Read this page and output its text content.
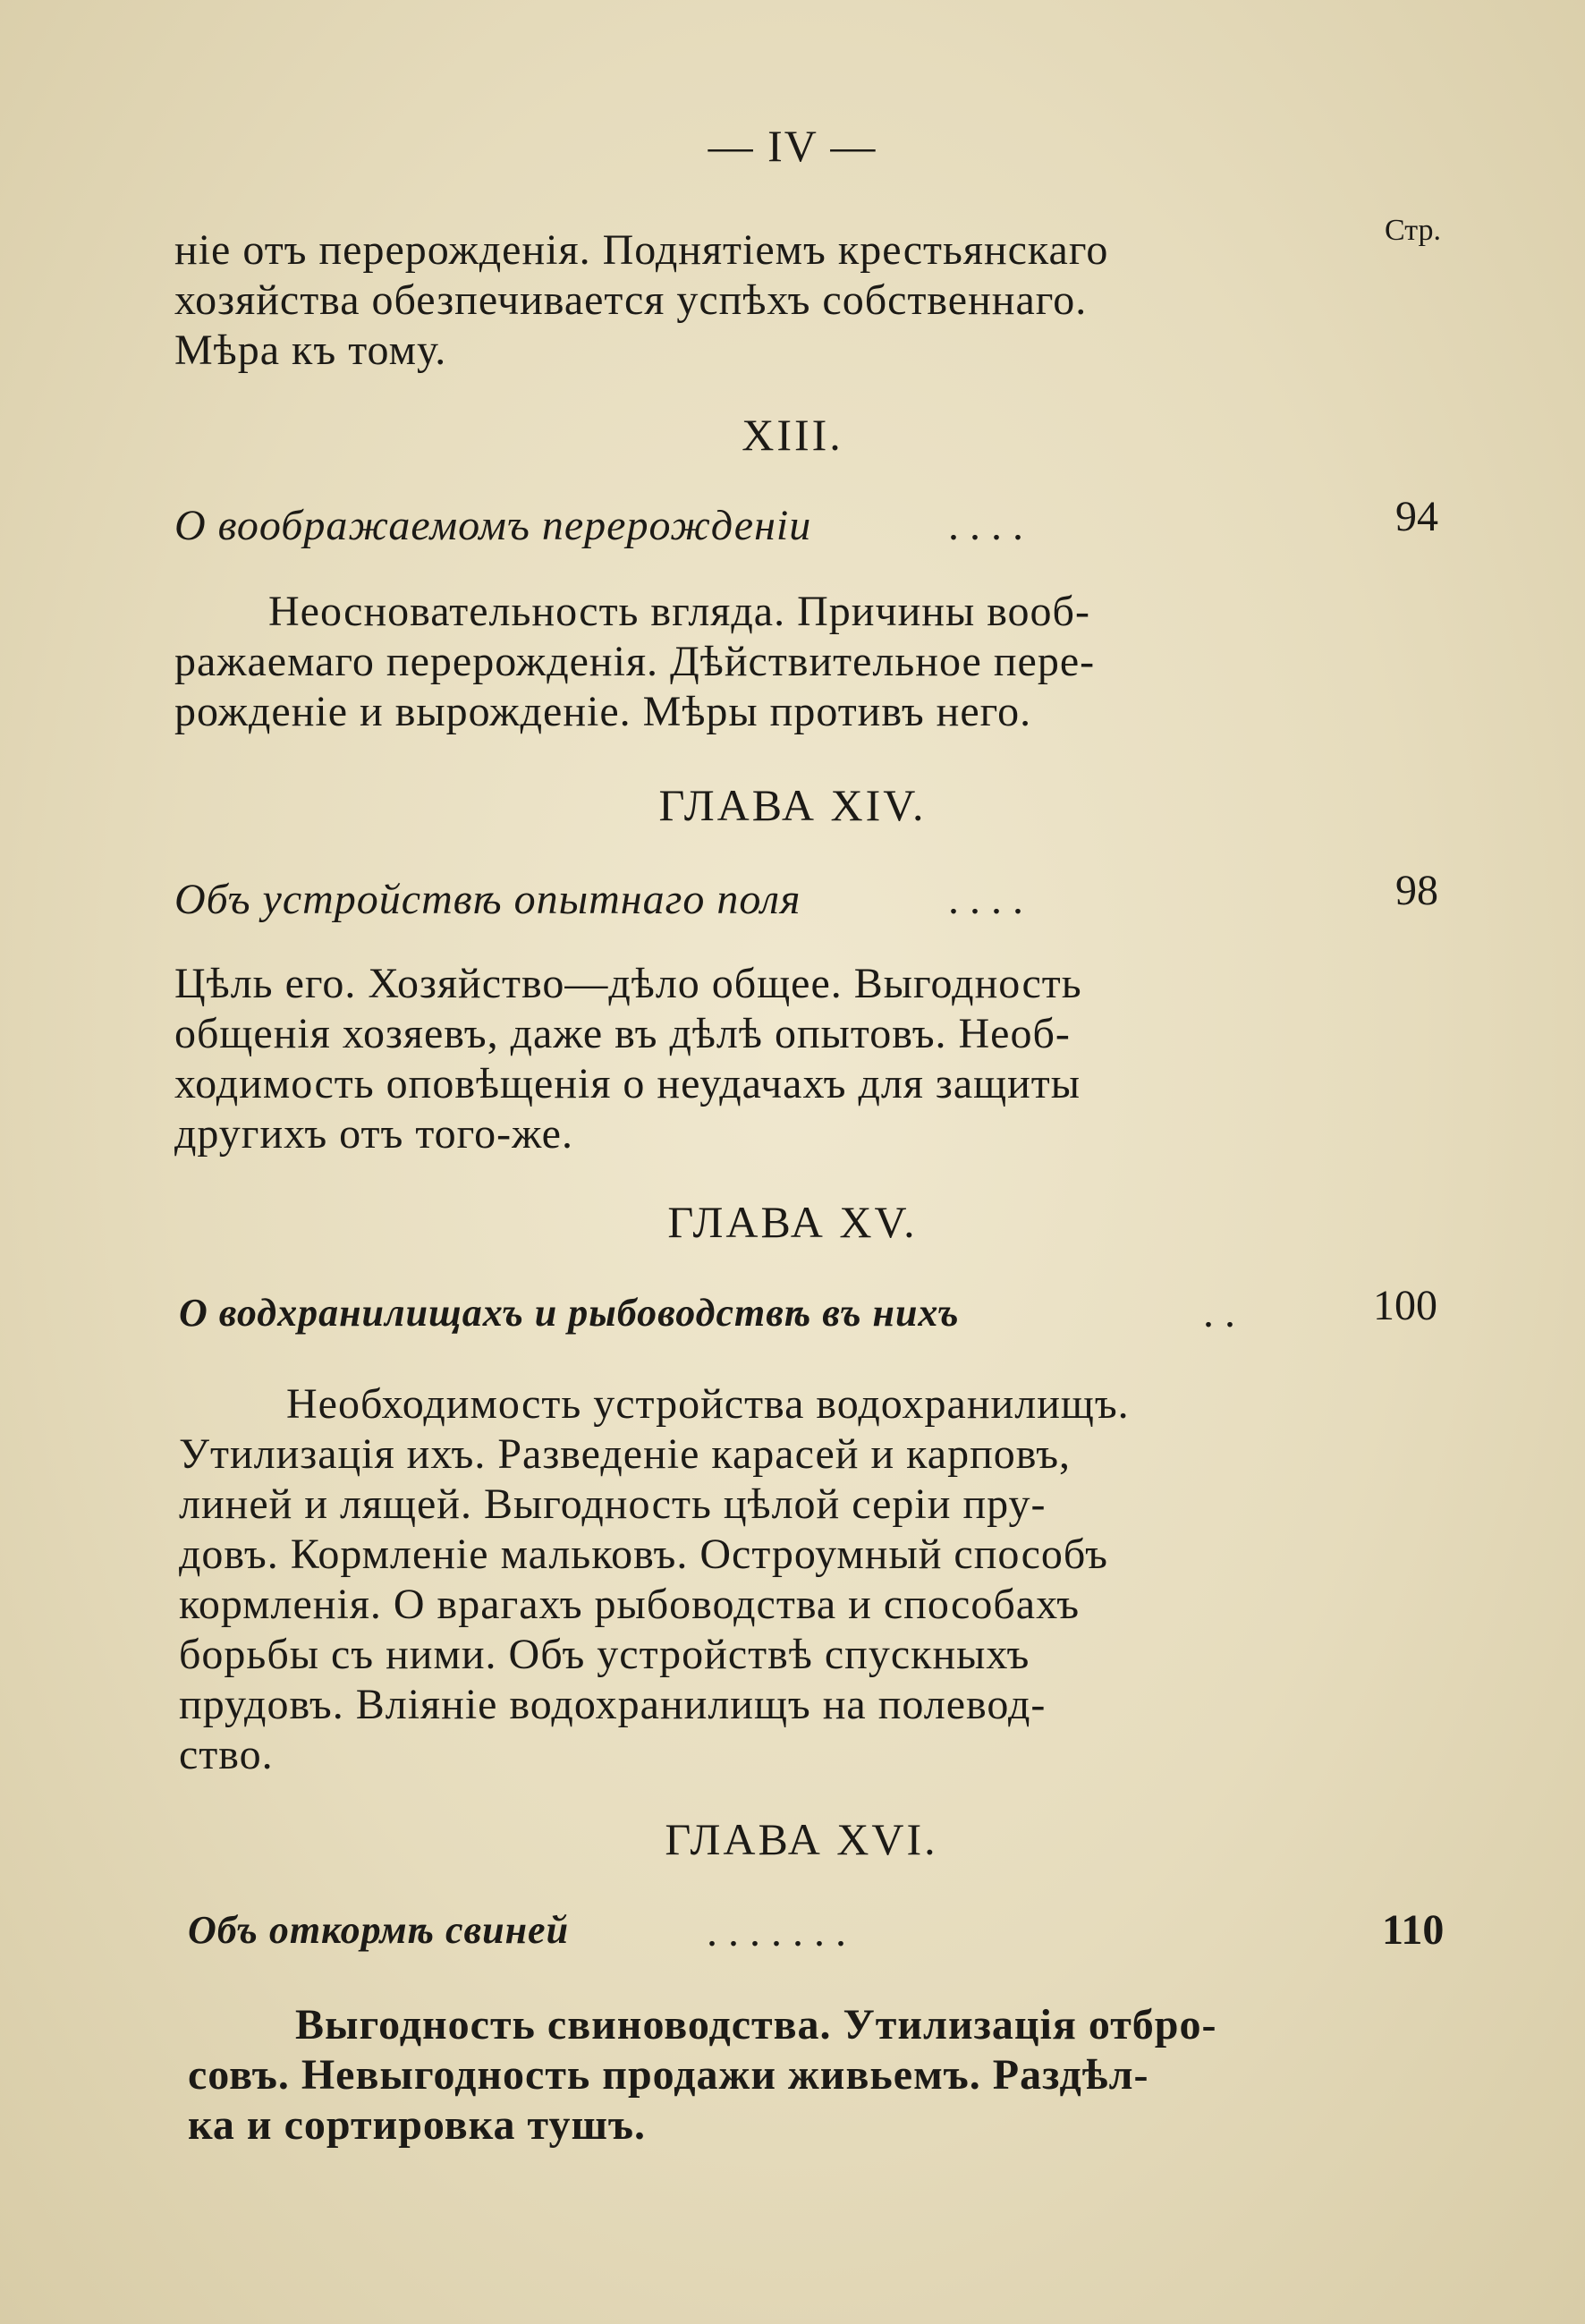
— IV —
Стр.
ніе отъ перерожденія. Поднятіемъ крестьянскаго
хозяйства обезпечивается успѣхъ собственнаго.
Мѣра къ тому.
XIII.
О воображаемомъ перерожденіи	. . . .	94
Неосновательность вгляда. Причины вооб-
ражаемаго перерожденія. Дѣйствительное пере-
рожденіе и вырожденіе. Мѣры противъ него.
ГЛАВА XIV.
Объ устройствѣ опытнаго поля	. . . .	98
Цѣль его. Хозяйство—дѣло общее. Выгодность
общенія хозяевъ, даже въ дѣлѣ опытовъ. Необ-
ходимость оповѣщенія о неудачахъ для защиты
другихъ отъ того-же.
ГЛАВА XV.
О водхранилищахъ и рыбоводствѣ въ нихъ	. .	100
Необходимость устройства водохранилищъ.
Утилизація ихъ. Разведеніе карасей и карповъ,
линей и лящей. Выгодность цѣлой серіи пру-
довъ. Кормленіе мальковъ. Остроумный способъ
кормленія. О врагахъ рыбоводства и способахъ
борьбы съ ними. Объ устройствѣ спускныхъ
прудовъ. Вліяніе водохранилищъ на полевод-
ство.
ГЛАВА XVI.
Объ откормѣ свиней	. . . . . . .	110
Выгодность свиноводства. Утилизація отбро-
совъ. Невыгодность продажи живьемъ. Раздѣл-
ка и сортировка тушъ.
